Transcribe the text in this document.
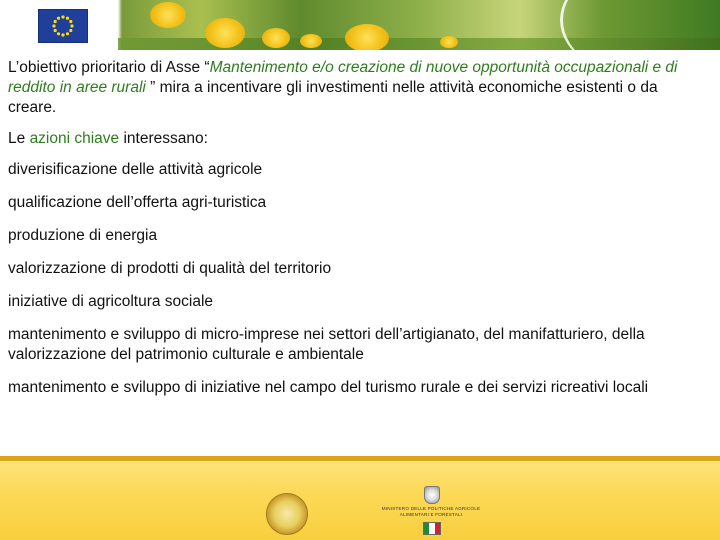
L’obiettivo prioritario di Asse “Mantenimento e/o creazione di nuove opportunità occupazionali e di reddito in aree rurali ” mira a incentivare gli investimenti nelle attività economiche esistenti o da creare.

Le azioni chiave interessano:

diverisificazione delle attività agricole

qualificazione dell’offerta agri-turistica

produzione di energia

valorizzazione di prodotti di qualità del territorio

iniziative di agricoltura sociale

mantenimento e sviluppo di micro-imprese nei settori dell’artigianato, del manifatturiero, della valorizzazione del patrimonio culturale e ambientale

mantenimento e sviluppo di iniziative nel campo del turismo rurale e dei servizi ricreativi locali

MINISTERO DELLE POLITICHE AGRICOLE
ALIMENTARI E FORESTALI
